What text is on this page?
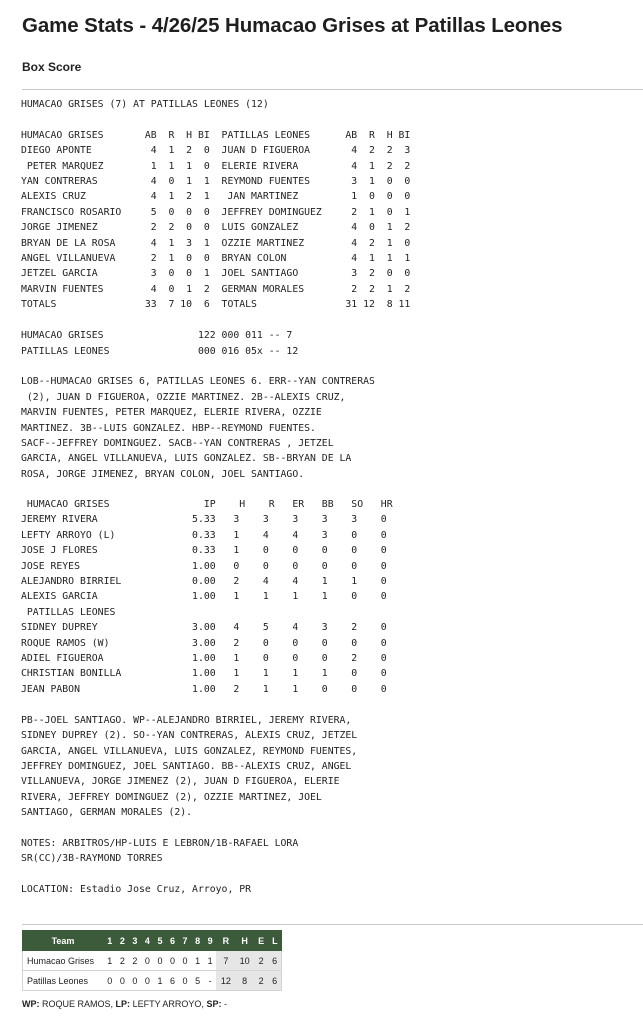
Game Stats - 4/26/25 Humacao Grises at Patillas Leones
Box Score
HUMACAO GRISES (7) AT PATILLAS LEONES (12)

HUMACAO GRISES       AB  R  H BI  PATILLAS LEONES      AB  R  H BI
DIEGO APONTE          4  1  2  0  JUAN D FIGUEROA       4  2  2  3
PETER MARQUEZ        1  1  1  0  ELERIE RIVERA         4  1  2  2
YAN CONTRERAS         4  0  1  1  REYMOND FUENTES       3  1  0  0
ALEXIS CRUZ           4  1  2  1   JAN MARTINEZ         1  0  0  0
FRANCISCO ROSARIO     5  0  0  0  JEFFREY DOMINGUEZ     2  1  0  1
JORGE JIMENEZ         2  2  0  0  LUIS GONZALEZ         4  0  1  2
BRYAN DE LA ROSA      4  1  3  1  OZZIE MARTINEZ        4  2  1  0
ANGEL VILLANUEVA      2  1  0  0  BRYAN COLON           4  1  1  1
JETZEL GARCIA         3  0  0  1  JOEL SANTIAGO         3  2  0  0
MARVIN FUENTES        4  0  1  2  GERMAN MORALES        2  2  1  2
TOTALS               33  7 10  6  TOTALS               31 12  8 11

HUMACAO GRISES                122 000 011 -- 7
PATILLAS LEONES               000 016 05x -- 12

LOB--HUMACAO GRISES 6, PATILLAS LEONES 6. ERR--YAN CONTRERAS
(2), JUAN D FIGUEROA, OZZIE MARTINEZ. 2B--ALEXIS CRUZ,
MARVIN FUENTES, PETER MARQUEZ, ELERIE RIVERA, OZZIE
MARTINEZ. 3B--LUIS GONZALEZ. HBP--REYMOND FUENTES.
SACF--JEFFREY DOMINGUEZ. SACB--YAN CONTRERAS , JETZEL
GARCIA, ANGEL VILLANUEVA, LUIS GONZALEZ. SB--BRYAN DE LA
ROSA, JORGE JIMENEZ, BRYAN COLON, JOEL SANTIAGO.
HUMACAO GRISES                IP    H    R   ER   BB   SO   HR
JEREMY RIVERA                5.33   3    3    3    3    3    0
LEFTY ARROYO (L)             0.33   1    4    4    3    0    0
JOSE J FLORES                0.33   1    0    0    0    0    0
JOSE REYES                   1.00   0    0    0    0    0    0
ALEJANDRO BIRRIEL            0.00   2    4    4    1    1    0
ALEXIS GARCIA                1.00   1    1    1    1    0    0
PATILLAS LEONES
SIDNEY DUPREY                3.00   4    5    4    3    2    0
ROQUE RAMOS (W)              3.00   2    0    0    0    0    0
ADIEL FIGUEROA               1.00   1    0    0    0    2    0
CHRISTIAN BONILLA            1.00   1    1    1    1    0    0
JEAN PABON                   1.00   2    1    1    0    0    0

PB--JOEL SANTIAGO. WP--ALEJANDRO BIRRIEL, JEREMY RIVERA,
SIDNEY DUPREY (2). SO--YAN CONTRERAS, ALEXIS CRUZ, JETZEL
GARCIA, ANGEL VILLANUEVA, LUIS GONZALEZ, REYMOND FUENTES,
JEFFREY DOMINGUEZ, JOEL SANTIAGO. BB--ALEXIS CRUZ, ANGEL
VILLANUEVA, JORGE JIMENEZ (2), JUAN D FIGUEROA, ELERIE
RIVERA, JEFFREY DOMINGUEZ (2), OZZIE MARTINEZ, JOEL
SANTIAGO, GERMAN MORALES (2).

NOTES: ARBITROS/HP-LUIS E LEBRON/1B-RAFAEL LORA
SR(CC)/3B-RAYMOND TORRES

LOCATION: Estadio Jose Cruz, Arroyo, PR
Team	1	2	3	4	5	6	7	8	9	R	H	E	L
Humacao Grises	1	2	2	0	0	0	0	1	1	7	10	2	6
Patillas Leones	0	0	0	0	1	6	0	5	-	12	8	2	6
WP: ROQUE RAMOS, LP: LEFTY ARROYO, SP: -
